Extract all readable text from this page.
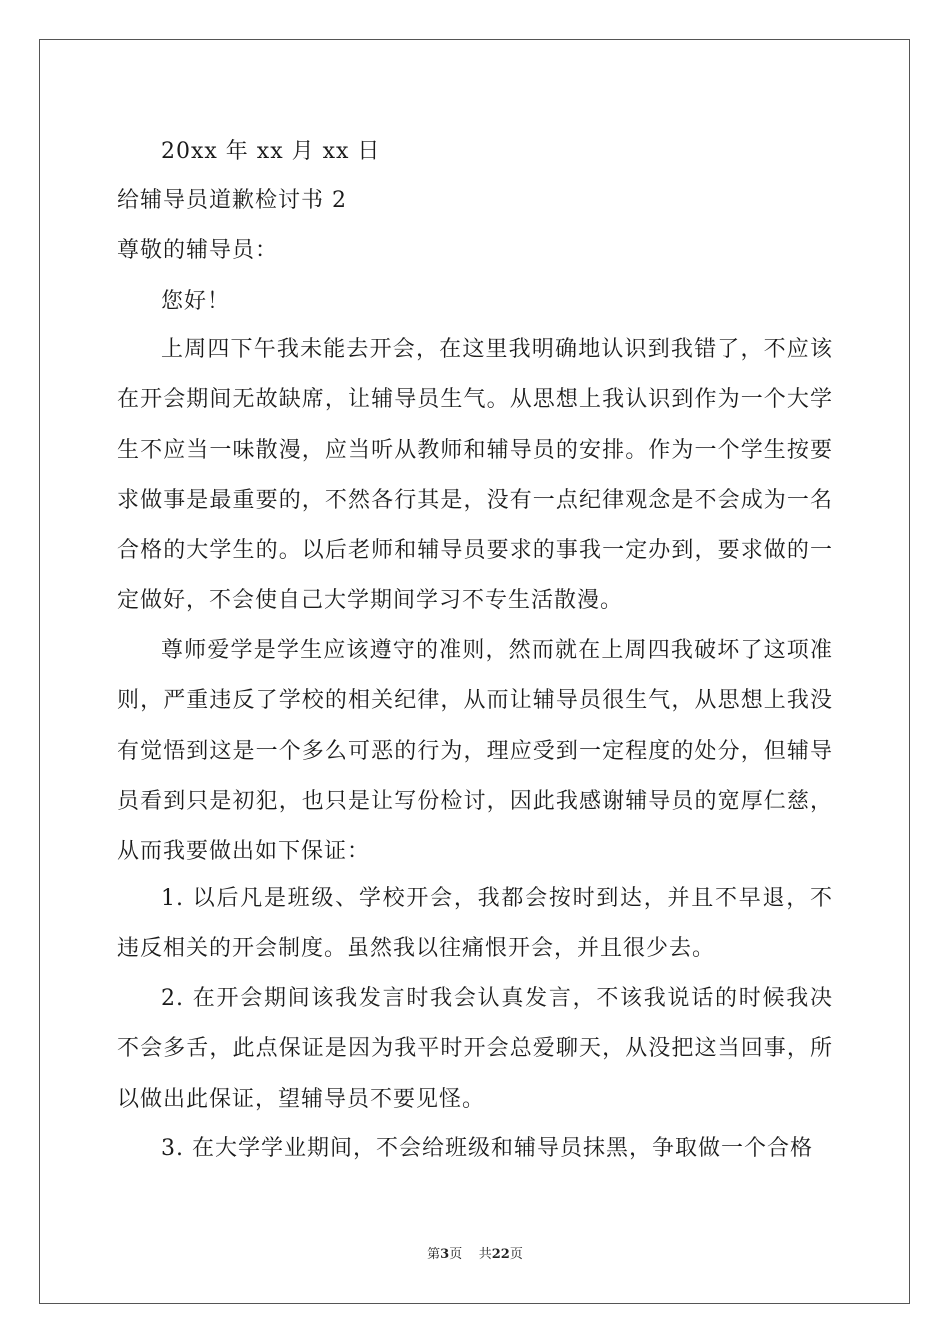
20xx 年 xx 月 xx 日

给辅导员道歉检讨书 2

尊敬的辅导员：

您好！

上周四下午我未能去开会，在这里我明确地认识到我错了，不应该在开会期间无故缺席，让辅导员生气。从思想上我认识到作为一个大学生不应当一味散漫，应当听从教师和辅导员的安排。作为一个学生按要求做事是最重要的，不然各行其是，没有一点纪律观念是不会成为一名合格的大学生的。以后老师和辅导员要求的事我一定办到，要求做的一定做好，不会使自己大学期间学习不专生活散漫。

尊师爱学是学生应该遵守的准则，然而就在上周四我破坏了这项准则，严重违反了学校的相关纪律，从而让辅导员很生气，从思想上我没有觉悟到这是一个多么可恶的行为，理应受到一定程度的处分，但辅导员看到只是初犯，也只是让写份检讨，因此我感谢辅导员的宽厚仁慈，从而我要做出如下保证：

1. 以后凡是班级、学校开会，我都会按时到达，并且不早退，不违反相关的开会制度。虽然我以往痛恨开会，并且很少去。

2. 在开会期间该我发言时我会认真发言，不该我说话的时候我决不会多舌，此点保证是因为我平时开会总爱聊天，从没把这当回事，所以做出此保证，望辅导员不要见怪。

3. 在大学学业期间，不会给班级和辅导员抹黑，争取做一个合格

第3页 共22页
